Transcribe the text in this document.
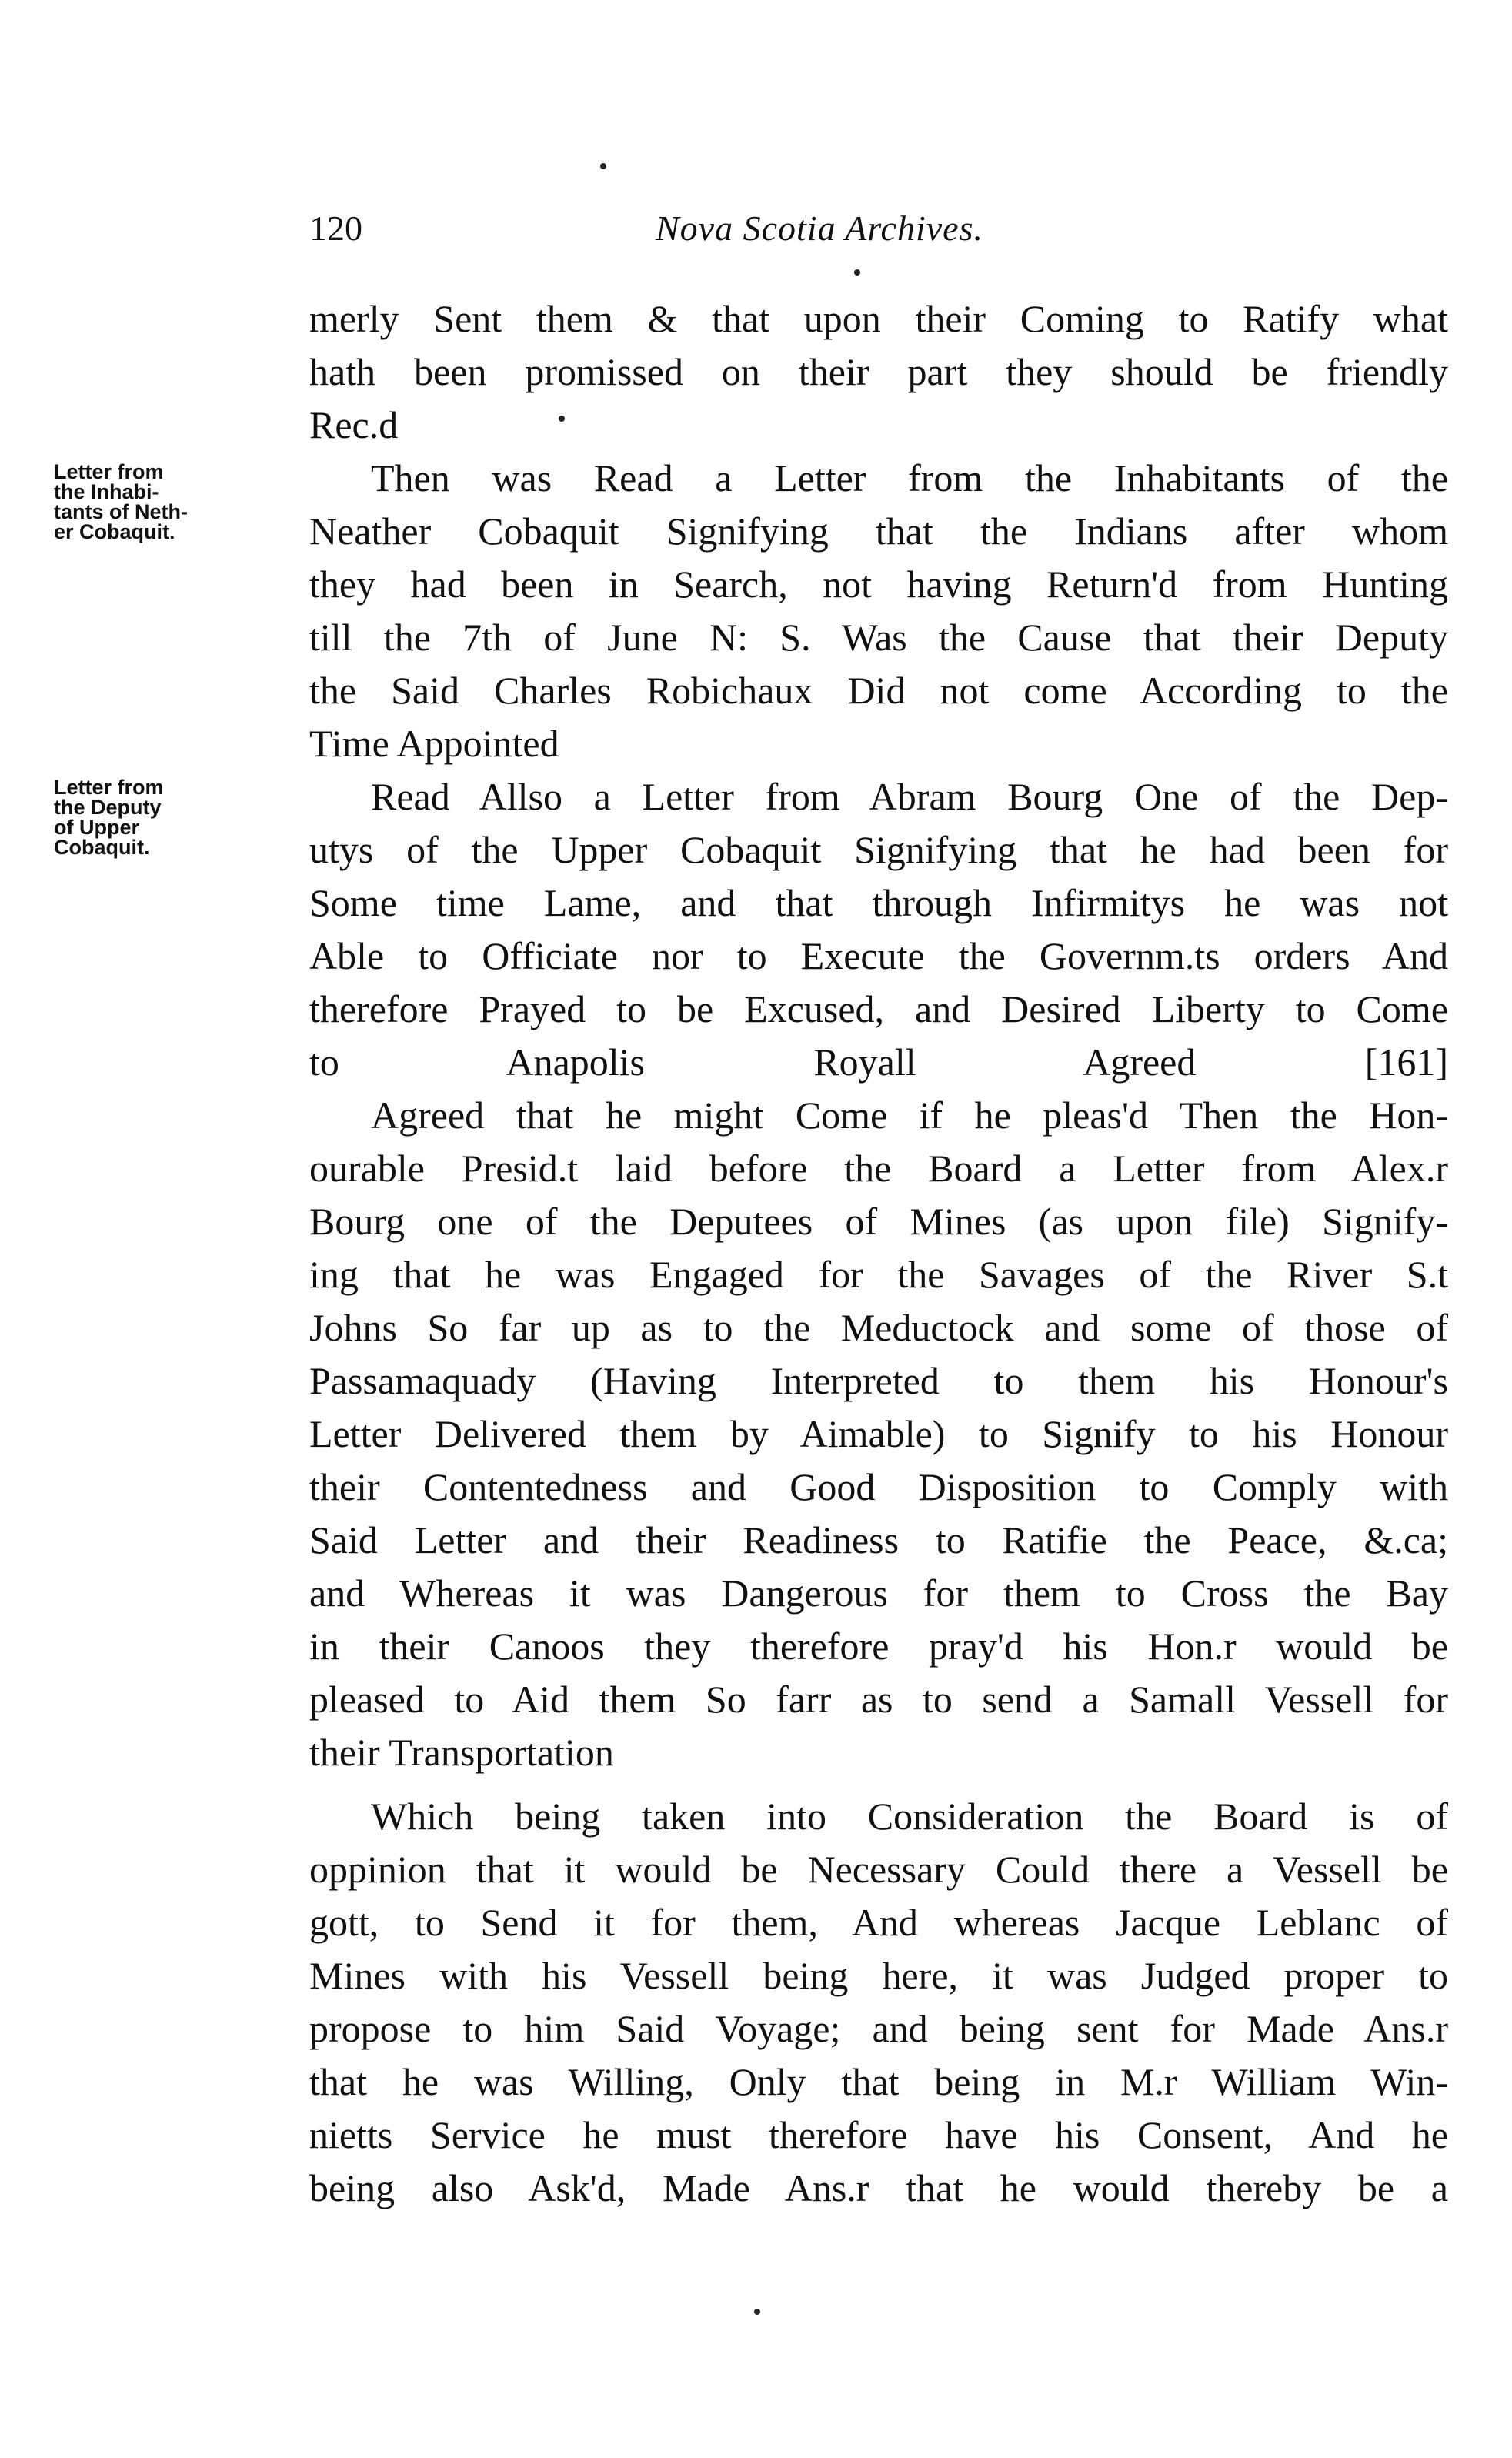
120	Nova Scotia Archives.
Letter from
the Inhabi-
tants of Neth-
er Cobaquit.
Letter from
the Deputy
of Upper
Cobaquit.
merly Sent them & that upon their Coming to Ratify what
hath been promissed on their part they should be friendly
Rec.d
Then was Read a Letter from the Inhabitants of the
Neather Cobaquit Signifying that the Indians after whom
they had been in Search, not having Return'd from Hunting
till the 7th of June N: S. Was the Cause that their Deputy
the Said Charles Robichaux Did not come According to the
Time Appointed
Read Allso a Letter from Abram Bourg One of the Dep-
utys of the Upper Cobaquit Signifying that he had been for
Some time Lame, and that through Infirmitys he was not
Able to Officiate nor to Execute the Governm.ts orders And
therefore Prayed to be Excused, and Desired Liberty to Come
to Anapolis Royall Agreed [161]
Agreed that he might Come if he pleas'd Then the Hon-
ourable Presid.t laid before the Board a Letter from Alex.r
Bourg one of the Deputees of Mines (as upon file) Signify-
ing that he was Engaged for the Savages of the River S.t
Johns So far up as to the Meductock and some of those of
Passamaquady (Having Interpreted to them his Honour's
Letter Delivered them by Aimable) to Signify to his Honour
their Contentedness and Good Disposition to Comply with
Said Letter and their Readiness to Ratifie the Peace, &.ca;
and Whereas it was Dangerous for them to Cross the Bay
in their Canoos they therefore pray'd his Hon.r would be
pleased to Aid them So farr as to send a Samall Vessell for
their Transportation
Which being taken into Consideration the Board is of
oppinion that it would be Necessary Could there a Vessell be
gott, to Send it for them, And whereas Jacque Leblanc of
Mines with his Vessell being here, it was Judged proper to
propose to him Said Voyage; and being sent for Made Ans.r
that he was Willing, Only that being in M.r William Win-
nietts Service he must therefore have his Consent, And he
being also Ask'd, Made Ans.r that he would thereby be a
